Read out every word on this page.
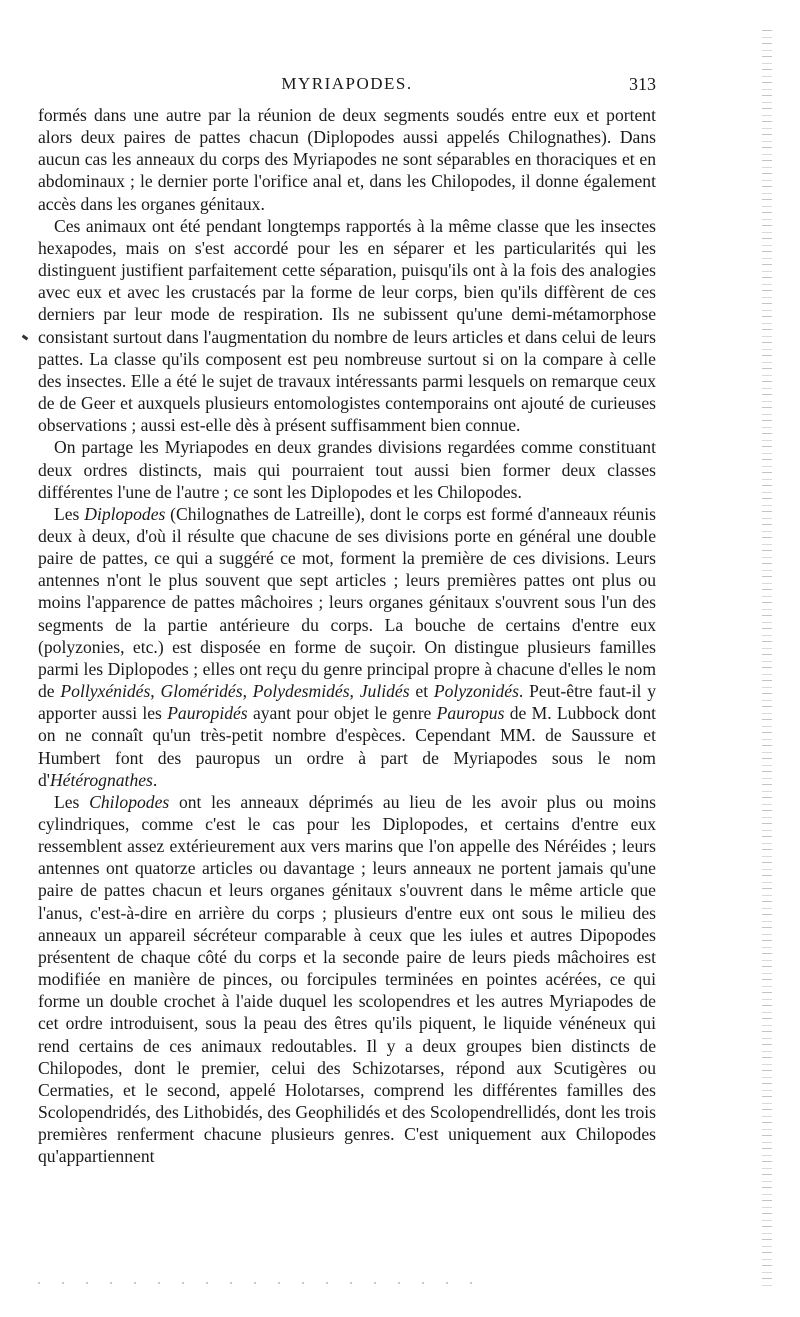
MYRIAPODES.	313

formés dans une autre par la réunion de deux segments soudés entre eux et portent alors deux paires de pattes chacun (Diplopodes aussi appelés Chilognathes). Dans aucun cas les anneaux du corps des Myriapodes ne sont séparables en thoraciques et en abdominaux ; le dernier porte l'orifice anal et, dans les Chilopodes, il donne également accès dans les organes génitaux.

Ces animaux ont été pendant longtemps rapportés à la même classe que les insectes hexapodes, mais on s'est accordé pour les en séparer et les particularités qui les distinguent justifient parfaitement cette séparation, puisqu'ils ont à la fois des analogies avec eux et avec les crustacés par la forme de leur corps, bien qu'ils diffèrent de ces derniers par leur mode de respiration. Ils ne subissent qu'une demi-métamorphose consistant surtout dans l'augmentation du nombre de leurs articles et dans celui de leurs pattes. La classe qu'ils composent est peu nombreuse surtout si on la compare à celle des insectes. Elle a été le sujet de travaux intéressants parmi lesquels on remarque ceux de de Geer et auxquels plusieurs entomologistes contemporains ont ajouté de curieuses observations ; aussi est-elle dès à présent suffisamment bien connue.

On partage les Myriapodes en deux grandes divisions regardées comme constituant deux ordres distincts, mais qui pourraient tout aussi bien former deux classes différentes l'une de l'autre ; ce sont les Diplopodes et les Chilopodes.

Les Diplopodes (Chilognathes de Latreille), dont le corps est formé d'anneaux réunis deux à deux, d'où il résulte que chacune de ses divisions porte en général une double paire de pattes, ce qui a suggéré ce mot, forment la première de ces divisions. Leurs antennes n'ont le plus souvent que sept articles ; leurs premières pattes ont plus ou moins l'apparence de pattes mâchoires ; leurs organes génitaux s'ouvrent sous l'un des segments de la partie antérieure du corps. La bouche de certains d'entre eux (polyzonies, etc.) est disposée en forme de suçoir. On distingue plusieurs familles parmi les Diplopodes ; elles ont reçu du genre principal propre à chacune d'elles le nom de Pollyxénidés, Gloméridés, Polydesmidés, Julidés et Polyzonidés. Peut-être faut-il y apporter aussi les Pauropidés ayant pour objet le genre Pauropus de M. Lubbock dont on ne connaît qu'un très-petit nombre d'espèces. Cependant MM. de Saussure et Humbert font des pauropus un ordre à part de Myriapodes sous le nom d'Hétérognathes.

Les Chilopodes ont les anneaux déprimés au lieu de les avoir plus ou moins cylindriques, comme c'est le cas pour les Diplopodes, et certains d'entre eux ressemblent assez extérieurement aux vers marins que l'on appelle des Néréides ; leurs antennes ont quatorze articles ou davantage ; leurs anneaux ne portent jamais qu'une paire de pattes chacun et leurs organes génitaux s'ouvrent dans le même article que l'anus, c'est-à-dire en arrière du corps ; plusieurs d'entre eux ont sous le milieu des anneaux un appareil sécréteur comparable à ceux que les iules et autres Dipopodes présentent de chaque côté du corps et la seconde paire de leurs pieds mâchoires est modifiée en manière de pinces, ou forcipules terminées en pointes acérées, ce qui forme un double crochet à l'aide duquel les scolopendres et les autres Myriapodes de cet ordre introduisent, sous la peau des êtres qu'ils piquent, le liquide vénéneux qui rend certains de ces animaux redoutables. Il y a deux groupes bien distincts de Chilopodes, dont le premier, celui des Schizotarses, répond aux Scutigères ou Cermaties, et le second, appelé Holotarses, comprend les différentes familles des Scolopendridés, des Lithobidés, des Geophilidés et des Scolopendrellidés, dont les trois premières renferment chacune plusieurs genres. C'est uniquement aux Chilopodes qu'appartiennent
